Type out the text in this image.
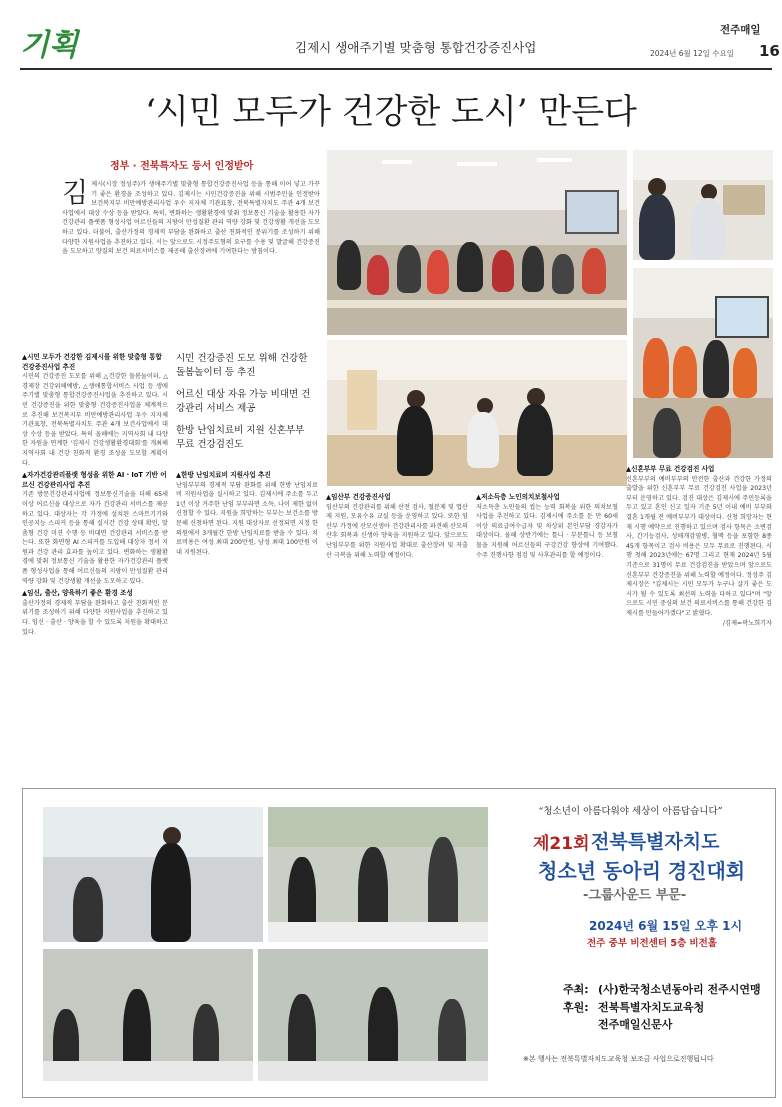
기획	김제시 생애주기별 맞춤형 통합건강증진사업
전주매일
2024년 6월 12일 수요일 16
‘시민 모두가 건강한 도시’ 만든다
정부 · 전북특자도 등서 인정받아
김 제시(시장 정성주)가 생애주기별 맞춤형 통합건강증진사업 등을 통해 이어 넣고 가꾸기 좋은 환경을 조성하고 있다. 김제시는 시민건강증진을 위해 시범주민을 인정받아 보건복지부 비만예방관리사업 우수 지자체 기관표창, 전북특별자치도 주관 4개 보건사업에서 대상 수상 등을 받았다. 특히, 변화하는 생활환경에 맞춰 정보통신 기술을 활용한 자가건강관리 플랫폼 형성사업 어르신들의 지팡이 만성질환 관리 역량 강화 및 건강생활 개선을 도모하고 있다. 더불어, 출산가정의 경제적 부담을 완화하고 출산 친화적인 분위기를 조성하기 위해 다양한 지원사업을 추진하고 있다. 시는 앞으로도 시정주도형의 요구를 수용 및 발굴해 건강증진을 도모하고 양질의 보건 의료서비스를 제공해 출산장려에 기여한다는 방침이다.
▲시민 모두가 건강한 김제시를 위한 맞춤형 통합건강증진사업 추진
시민의 건강증진 도모를 위해 △건강한 돌봄놀이터, △경제장 건강위해예방, △생애통합서비스 사업 등 생애주기별 맞춤형 통합건강증진사업을 추진하고 있다. 시민 건강증진을 위한 맞춤형 건강증진사업을 체계적으로 추진해 보건복지부 비만예방관리사업 우수 지자체 기관표창, 전북특별자치도 주관 4개 보건사업에서 대상 수상 등을 받았다. 특히 올해에는 지역사회 내 다양한 자원을 연계한 '김제시 건강생활환경대회'를 개최해 지역사회 내 건강 친화적 환경 조성을 도모할 계획이다.
▲자가건강관리플랫 형성을 위한 AI · IoT 기반 어르신 건강관리사업 추진
기존 방문건강관리사업에 정보통신기술을 더해 65세 이상 어르신을 대상으로 자가 건강관리 서비스를 제공하고 있다. 대상자는 각 가정에 설치된 스마트기기와 인공지능 스피커 등을 통해 실시간 건강 상태 확인, 맞춤형 건강 미션 수행 등 비대면 건강관리 서비스를 받는다. 또한 화면형 AI 스피커를 도입해 대상자 정서 지원과 건강 관리 효과를 높이고 있다. 변화하는 생활환경에 맞춰 정보통신 기술을 활용한 자가건강관리 플랫폼 형성사업을 통해 어르신들의 지팡이 만성질환 관리 역량 강화 및 건강생활 개선을 도모하고 있다.
▲임신, 출산, 양육하기 좋은 환경 조성
출산가정의 경제적 부담을 완화하고 출산 친화적인 분위기를 조성하기 위해 다양한 지원사업을 추진하고 있다. 임신 · 출산 · 양육을 할 수 있도록 지원을 확대하고 있다.
시민 건강증진 도모 위해 건강한 돌봄놀이터 등 추진
어르신 대상 자유 가능 비대면 건강관리 서비스 제공
한방 난임치료비 지원 신혼부부 무료 건강검진도
▲한방 난임치료비 지원사업 추진
난임부부의 경제적 부담 완화를 위해 한방 난임치료비 지원사업을 실시하고 있다. 김제시에 주소를 두고 1년 이상 거주한 난임 부부라면 소득, 나이 제한 없이 신청할 수 있다. 지원을 희망하는 부부는 보건소를 방문해 신청하면 된다. 지원 대상자로 선정되면 지정 한의원에서 3개월간 한방 난임치료를 받을 수 있다. 치료비용은 여성 최대 200만원, 남성 최대 100만원 이내 지원된다.
▲임산부 건강증진사업
임산부의 건강관리를 위해 산전 검사, 철분제 및 엽산제 지원, 모유수유 교실 등을 운영하고 있다. 또한 임산부 가정에 산모신생아 건강관리사를 파견해 산모의 산후 회복과 신생아 양육을 지원하고 있다. 앞으로도 난임부부를 위한 지원사업 확대로 출산장려 및 저출산 극복을 위해 노력할 예정이다.
▲저소득층 노인의치보철사업
저소득층 노인들의 씹는 능력 회복을 위한 의치보철사업을 추진하고 있다. 김제시에 주소를 둔 만 60세 이상 의료급여수급자 및 차상위 본인부담 경감자가 대상이다. 올해 상반기에는 틀니 · 부분틀니 등 보철물을 지원해 어르신들의 구강건강 향상에 기여했다. 수주 진행사항 점검 및 사후관리를 할 예정이다.
▲신혼부부 무료 건강검진 사업
신혼부부의 예비부부의 안전한 출산과 건강한 가정의 출발을 위한 신혼부부 무료 건강검진 사업을 2023년부터 운영하고 있다. 검진 대상은 김제시에 주민등록을 두고 있고 혼인 신고 일자 기준 5년 이내 예비 부부와 결혼 1개월 전 예비부부가 대상이다. 신청 희망자는 현재 시행 예약으로 진행하고 있으며 검사 항목은 소변검사, 간기능검사, 성매개감염병, 혈액 등을 포함한 8종 45개 항목이고 검사 비용은 모두 무료로 진행된다. 시행 첫해 2023년에는 67명 그리고 현재 2024년 5월 기준으로 31명이 무료 건강검진을 받았으며 앞으로도 신혼부부 건강증진을 위해 노력할 예정이다. 정성주 김제시장은 "김제시는 시민 모두가 누구나 살기 좋은 도시가 될 수 있도록 최선의 노력을 다하고 있다"며 "앞으로도 시민 중심의 보건 의료서비스를 통해 건강한 김제시를 만들어가겠다"고 밝혔다.
/김제=곽노희기자
“청소년이 아름다워야 세상이 아름답습니다”
제21회 전북특별자치도
청소년 동아리 경진대회
-그룹사운드 부문-
2024년 6월 15일 오후 1시
전주 중부 비전센터 5층 비전홀
주최: (사)한국청소년동아리 전주시연맹
후원: 전북특별자치도교육청
전주매일신문사
※본 행사는 전북특별자치도교육청 보조금 사업으로진행됩니다
